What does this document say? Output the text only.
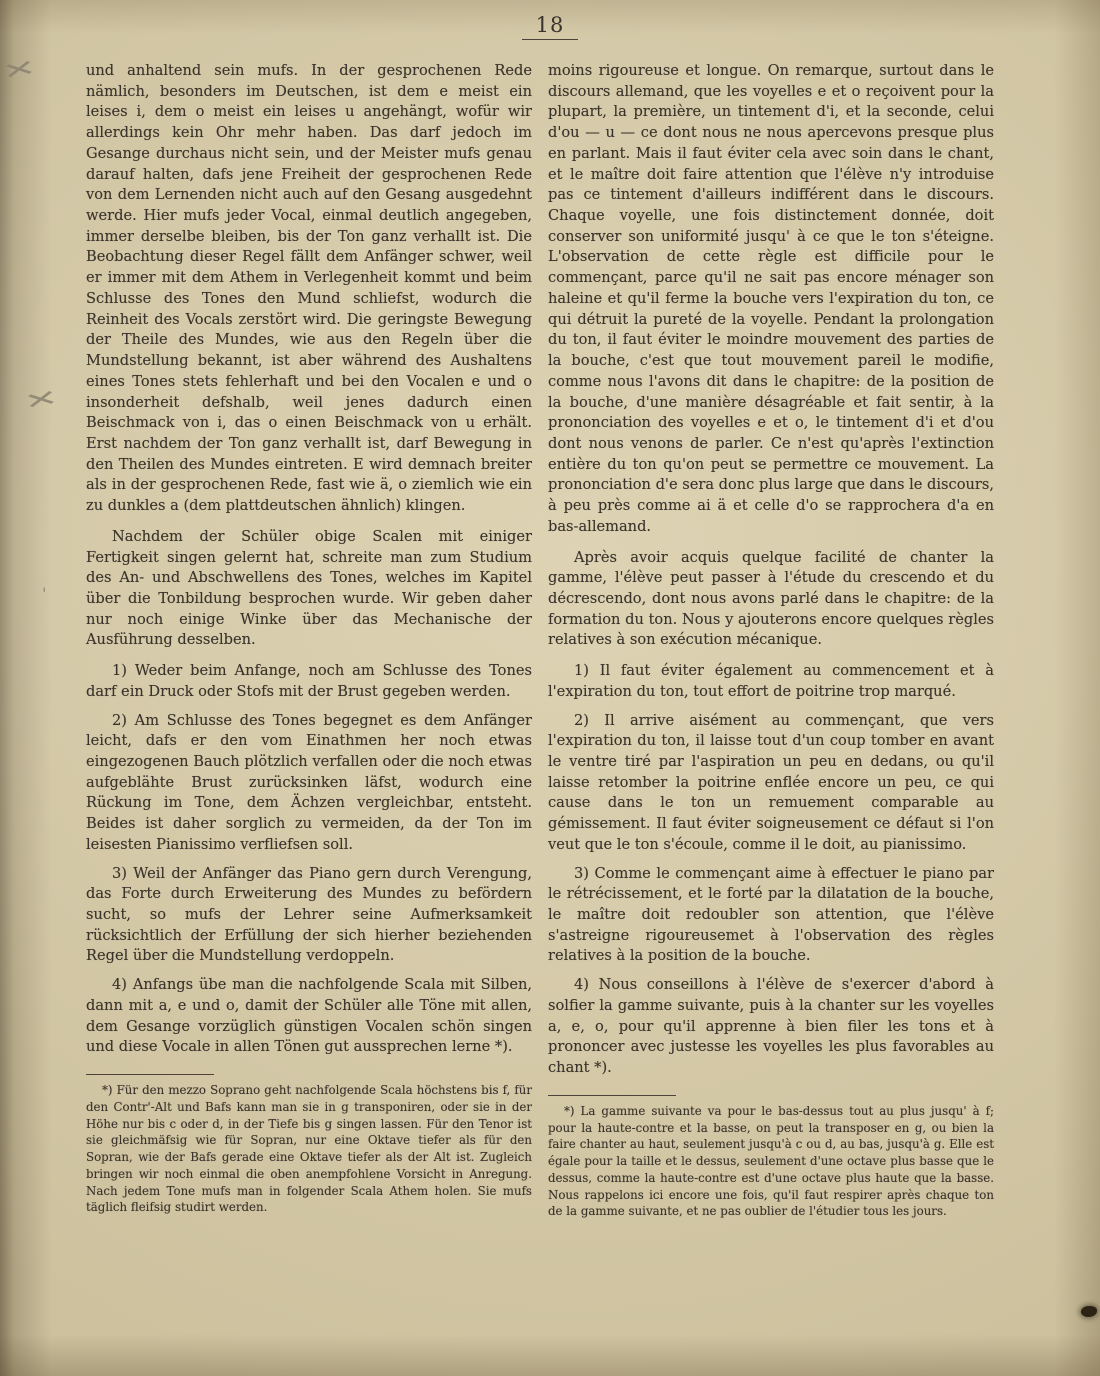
✕
✕
'
18

und anhaltend sein mufs. In der gesprochenen Rede nämlich, besonders im Deutschen, ist dem e meist ein leises i, dem o meist ein leises u angehängt, wofür wir allerdings kein Ohr mehr haben. Das darf jedoch im Gesange durchaus nicht sein, und der Meister mufs genau darauf halten, dafs jene Freiheit der gesprochenen Rede von dem Lernenden nicht auch auf den Gesang ausgedehnt werde. Hier mufs jeder Vocal, einmal deutlich angegeben, immer derselbe bleiben, bis der Ton ganz verhallt ist. Die Beobachtung dieser Regel fällt dem Anfänger schwer, weil er immer mit dem Athem in Verlegenheit kommt und beim Schlusse des Tones den Mund schliefst, wodurch die Reinheit des Vocals zerstört wird. Die geringste Bewegung der Theile des Mundes, wie aus den Regeln über die Mundstellung bekannt, ist aber während des Aushaltens eines Tones stets fehlerhaft und bei den Vocalen e und o insonderheit defshalb, weil jenes dadurch einen Beischmack von i, das o einen Beischmack von u erhält. Erst nachdem der Ton ganz verhallt ist, darf Bewegung in den Theilen des Mundes eintreten. E wird demnach breiter als in der gesprochenen Rede, fast wie ä, o ziemlich wie ein zu dunkles a (dem plattdeutschen ähnlich) klingen.

Nachdem der Schüler obige Scalen mit einiger Fertigkeit singen gelernt hat, schreite man zum Studium des An- und Abschwellens des Tones, welches im Kapitel über die Tonbildung besprochen wurde. Wir geben daher nur noch einige Winke über das Mechanische der Ausführung desselben.

1) Weder beim Anfange, noch am Schlusse des Tones darf ein Druck oder Stofs mit der Brust gegeben werden.

2) Am Schlusse des Tones begegnet es dem Anfänger leicht, dafs er den vom Einathmen her noch etwas eingezogenen Bauch plötzlich verfallen oder die noch etwas aufgeblähte Brust zurücksinken läfst, wodurch eine Rückung im Tone, dem Ächzen vergleichbar, entsteht. Beides ist daher sorglich zu vermeiden, da der Ton im leisesten Pianissimo verfliefsen soll.

3) Weil der Anfänger das Piano gern durch Verengung, das Forte durch Erweiterung des Mundes zu befördern sucht, so mufs der Lehrer seine Aufmerksamkeit rücksichtlich der Erfüllung der sich hierher beziehenden Regel über die Mundstellung verdoppeln.

4) Anfangs übe man die nachfolgende Scala mit Silben, dann mit a, e und o, damit der Schüler alle Töne mit allen, dem Gesange vorzüglich günstigen Vocalen schön singen und diese Vocale in allen Tönen gut aussprechen lerne *).

*) Für den mezzo Soprano geht nachfolgende Scala höchstens bis f, für den Contr'-Alt und Bafs kann man sie in g transponiren, oder sie in der Höhe nur bis c oder d, in der Tiefe bis g singen lassen. Für den Tenor ist sie gleichmäfsig wie für Sopran, nur eine Oktave tiefer als für den Sopran, wie der Bafs gerade eine Oktave tiefer als der Alt ist. Zugleich bringen wir noch einmal die oben anempfohlene Vorsicht in Anregung. Nach jedem Tone mufs man in folgender Scala Athem holen. Sie mufs täglich fleifsig studirt werden.

moins rigoureuse et longue. On remarque, surtout dans le discours allemand, que les voyelles e et o reçoivent pour la plupart, la première, un tintement d'i, et la seconde, celui d'ou — u — ce dont nous ne nous apercevons presque plus en parlant. Mais il faut éviter cela avec soin dans le chant, et le maître doit faire attention que l'élève n'y introduise pas ce tintement d'ailleurs indifférent dans le discours. Chaque voyelle, une fois distinctement donnée, doit conserver son uniformité jusqu' à ce que le ton s'éteigne. L'observation de cette règle est difficile pour le commençant, parce qu'il ne sait pas encore ménager son haleine et qu'il ferme la bouche vers l'expiration du ton, ce qui détruit la pureté de la voyelle. Pendant la prolongation du ton, il faut éviter le moindre mouvement des parties de la bouche, c'est que tout mouvement pareil le modifie, comme nous l'avons dit dans le chapitre: de la position de la bouche, d'une manière désagréable et fait sentir, à la prononciation des voyelles e et o, le tintement d'i et d'ou dont nous venons de parler. Ce n'est qu'après l'extinction entière du ton qu'on peut se permettre ce mouvement. La prononciation d'e sera donc plus large que dans le discours, à peu près comme ai ä et celle d'o se rapprochera d'a en bas-allemand.

Après avoir acquis quelque facilité de chanter la gamme, l'élève peut passer à l'étude du crescendo et du décrescendo, dont nous avons parlé dans le chapitre: de la formation du ton. Nous y ajouterons encore quelques règles relatives à son exécution mécanique.

1) Il faut éviter également au commencement et à l'expiration du ton, tout effort de poitrine trop marqué.

2) Il arrive aisément au commençant, que vers l'expiration du ton, il laisse tout d'un coup tomber en avant le ventre tiré par l'aspiration un peu en dedans, ou qu'il laisse retomber la poitrine enflée encore un peu, ce qui cause dans le ton un remuement comparable au gémissement. Il faut éviter soigneusement ce défaut si l'on veut que le ton s'écoule, comme il le doit, au pianissimo.

3) Comme le commençant aime à effectuer le piano par le rétrécissement, et le forté par la dilatation de la bouche, le maître doit redoubler son attention, que l'élève s'astreigne rigoureusemet à l'observation des règles relatives à la position de la bouche.

4) Nous conseillons à l'élève de s'exercer d'abord à solfier la gamme suivante, puis à la chanter sur les voyelles a, e, o, pour qu'il apprenne à bien filer les tons et à prononcer avec justesse les voyelles les plus favorables au chant *).

*) La gamme suivante va pour le bas-dessus tout au plus jusqu' à f; pour la haute-contre et la basse, on peut la transposer en g, ou bien la faire chanter au haut, seulement jusqu'à c ou d, au bas, jusqu'à g. Elle est égale pour la taille et le dessus, seulement d'une octave plus basse que le dessus, comme la haute-contre est d'une octave plus haute que la basse. Nous rappelons ici encore une fois, qu'il faut respirer après chaque ton de la gamme suivante, et ne pas oublier de l'étudier tous les jours.
